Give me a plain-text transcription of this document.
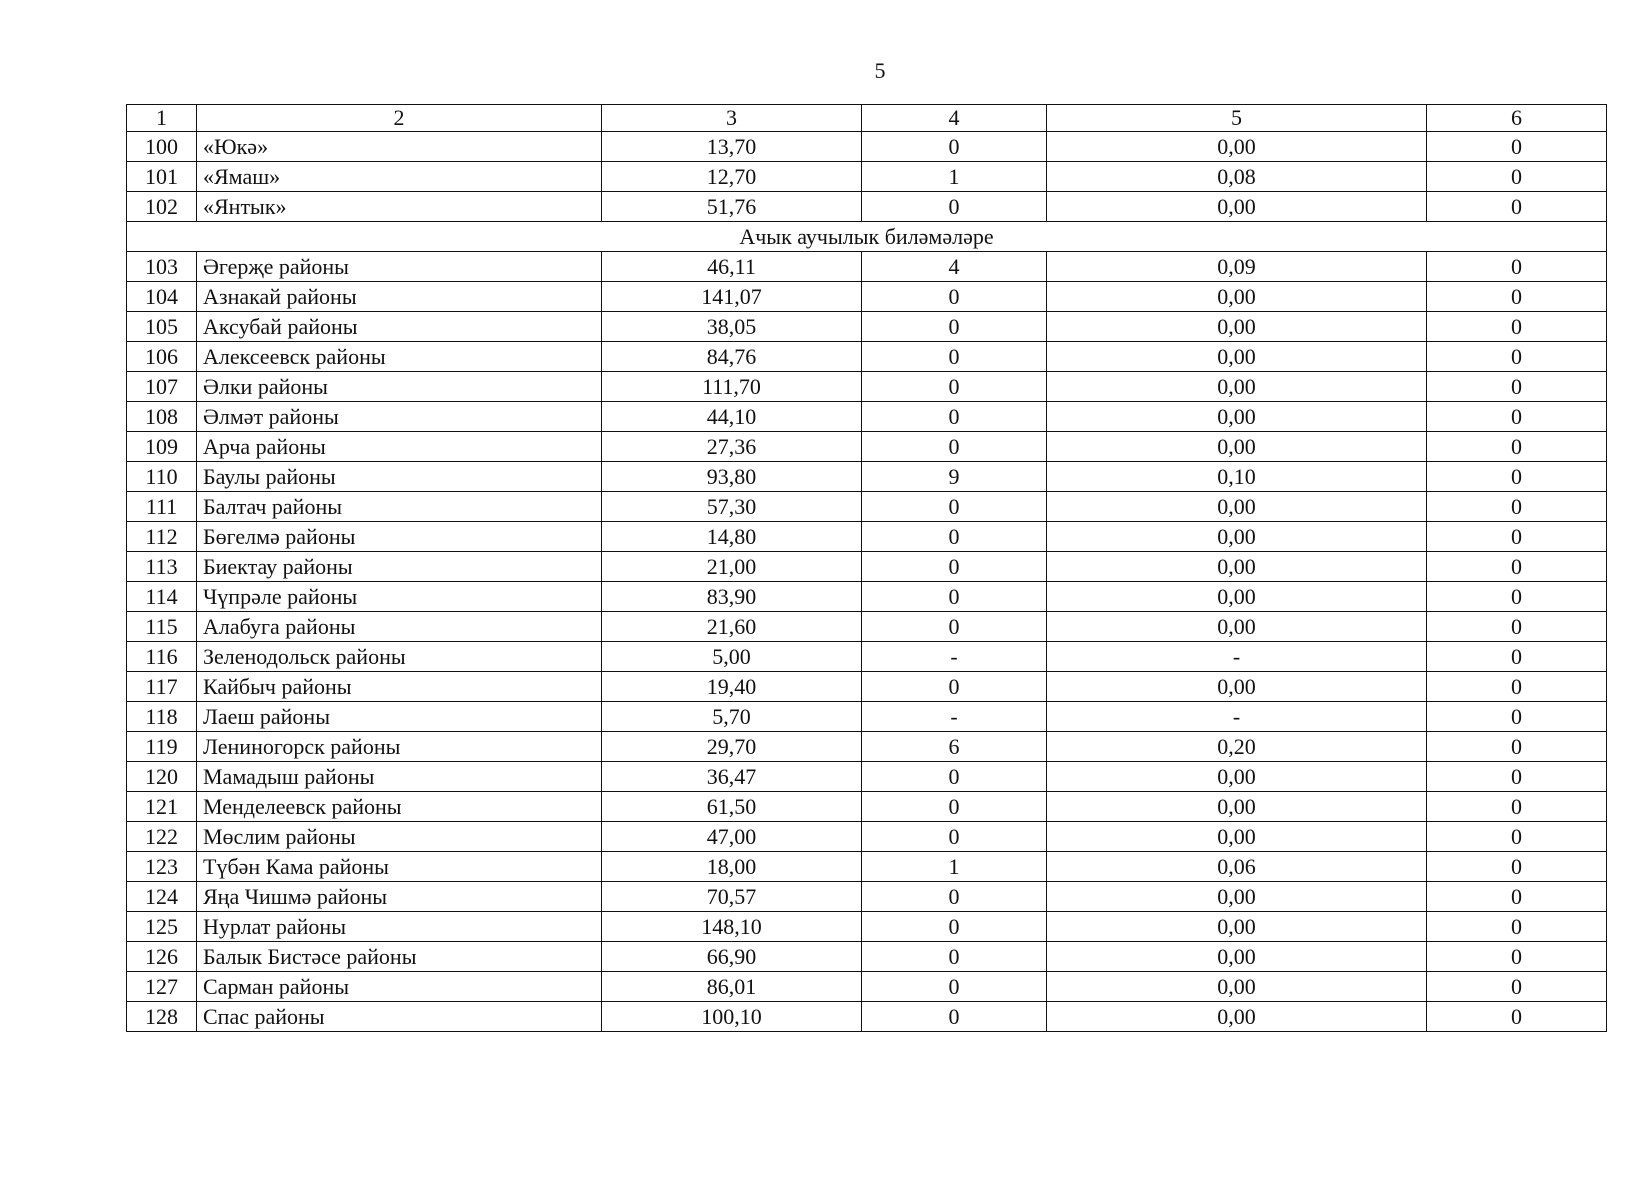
5
1	2	3	4	5	6
100	«Юкә»	13,70	0	0,00	0
101	«Ямаш»	12,70	1	0,08	0
102	«Янтык»	51,76	0	0,00	0
Ачык аучылык биләмәләре					
103	Әгерҗе районы	46,11	4	0,09	0
104	Азнакай районы	141,07	0	0,00	0
105	Аксубай районы	38,05	0	0,00	0
106	Алексеевск районы	84,76	0	0,00	0
107	Әлки районы	111,70	0	0,00	0
108	Әлмәт районы	44,10	0	0,00	0
109	Арча районы	27,36	0	0,00	0
110	Баулы районы	93,80	9	0,10	0
111	Балтач районы	57,30	0	0,00	0
112	Бөгелмә районы	14,80	0	0,00	0
113	Биектау районы	21,00	0	0,00	0
114	Чүпрәле районы	83,90	0	0,00	0
115	Алабуга районы	21,60	0	0,00	0
116	Зеленодольск районы	5,00	-	-	0
117	Кайбыч районы	19,40	0	0,00	0
118	Лаеш районы	5,70	-	-	0
119	Лениногорск районы	29,70	6	0,20	0
120	Мамадыш районы	36,47	0	0,00	0
121	Менделеевск районы	61,50	0	0,00	0
122	Мөслим районы	47,00	0	0,00	0
123	Түбән Кама районы	18,00	1	0,06	0
124	Яңа Чишмә районы	70,57	0	0,00	0
125	Нурлат районы	148,10	0	0,00	0
126	Балык Бистәсе районы	66,90	0	0,00	0
127	Сарман районы	86,01	0	0,00	0
128	Спас районы	100,10	0	0,00	0
